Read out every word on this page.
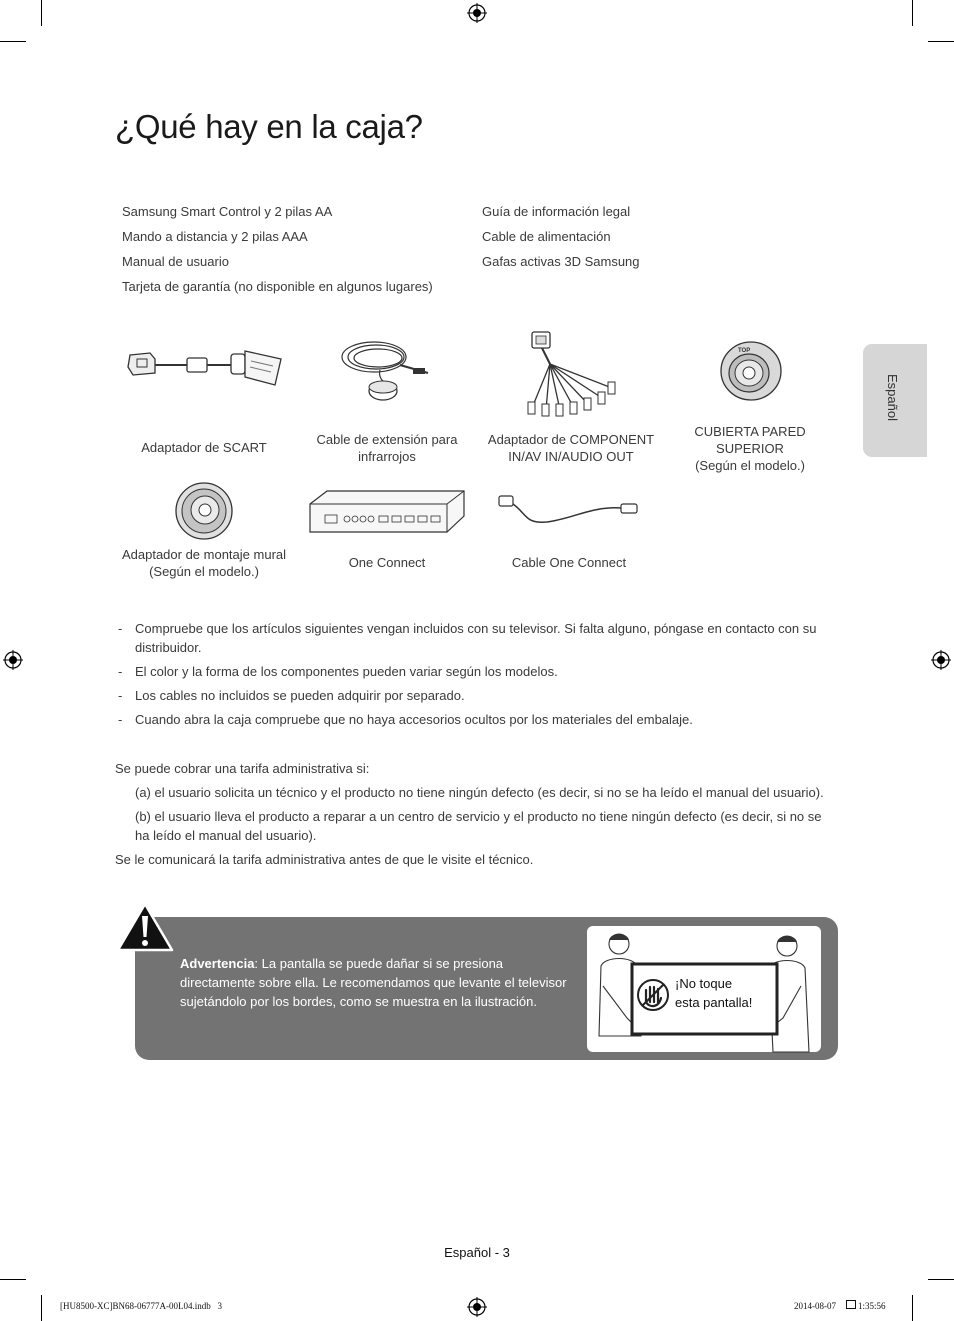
¿Qué hay en la caja?
Español
Samsung Smart Control y 2 pilas AA
Mando a distancia y 2 pilas AAA
Manual de usuario
Tarjeta de garantía (no disponible en algunos lugares)
Guía de información legal
Cable de alimentación
Gafas activas 3D Samsung
TOP
Adaptador de SCART
Cable de extensión para
infrarrojos
Adaptador de COMPONENT
IN/AV IN/AUDIO OUT
CUBIERTA PARED
SUPERIOR
(Según el modelo.)
Adaptador de montaje mural
(Según el modelo.)
One Connect	Cable One Connect
- Compruebe que los artículos siguientes vengan incluidos con su televisor. Si falta alguno, póngase en contacto con su distribuidor.
- El color y la forma de los componentes pueden variar según los modelos.
- Los cables no incluidos se pueden adquirir por separado.
- Cuando abra la caja compruebe que no haya accesorios ocultos por los materiales del embalaje.

Se puede cobrar una tarifa administrativa si:

(a) el usuario solicita un técnico y el producto no tiene ningún defecto (es decir, si no se ha leído el manual del usuario).

(b) el usuario lleva el producto a reparar a un centro de servicio y el producto no tiene ningún defecto (es decir, si no se ha leído el manual del usuario).

Se le comunicará la tarifa administrativa antes de que le visite el técnico.

Advertencia: La pantalla se puede dañar si se presiona directamente sobre ella. Le recomendamos que levante el televisor sujetándolo por los bordes, como se muestra en la ilustración.
¡No toque
esta pantalla!
Español - 3
[HU8500-XC]BN68-06777A-00L04.indb   3	2014-08-07 1:35:56
